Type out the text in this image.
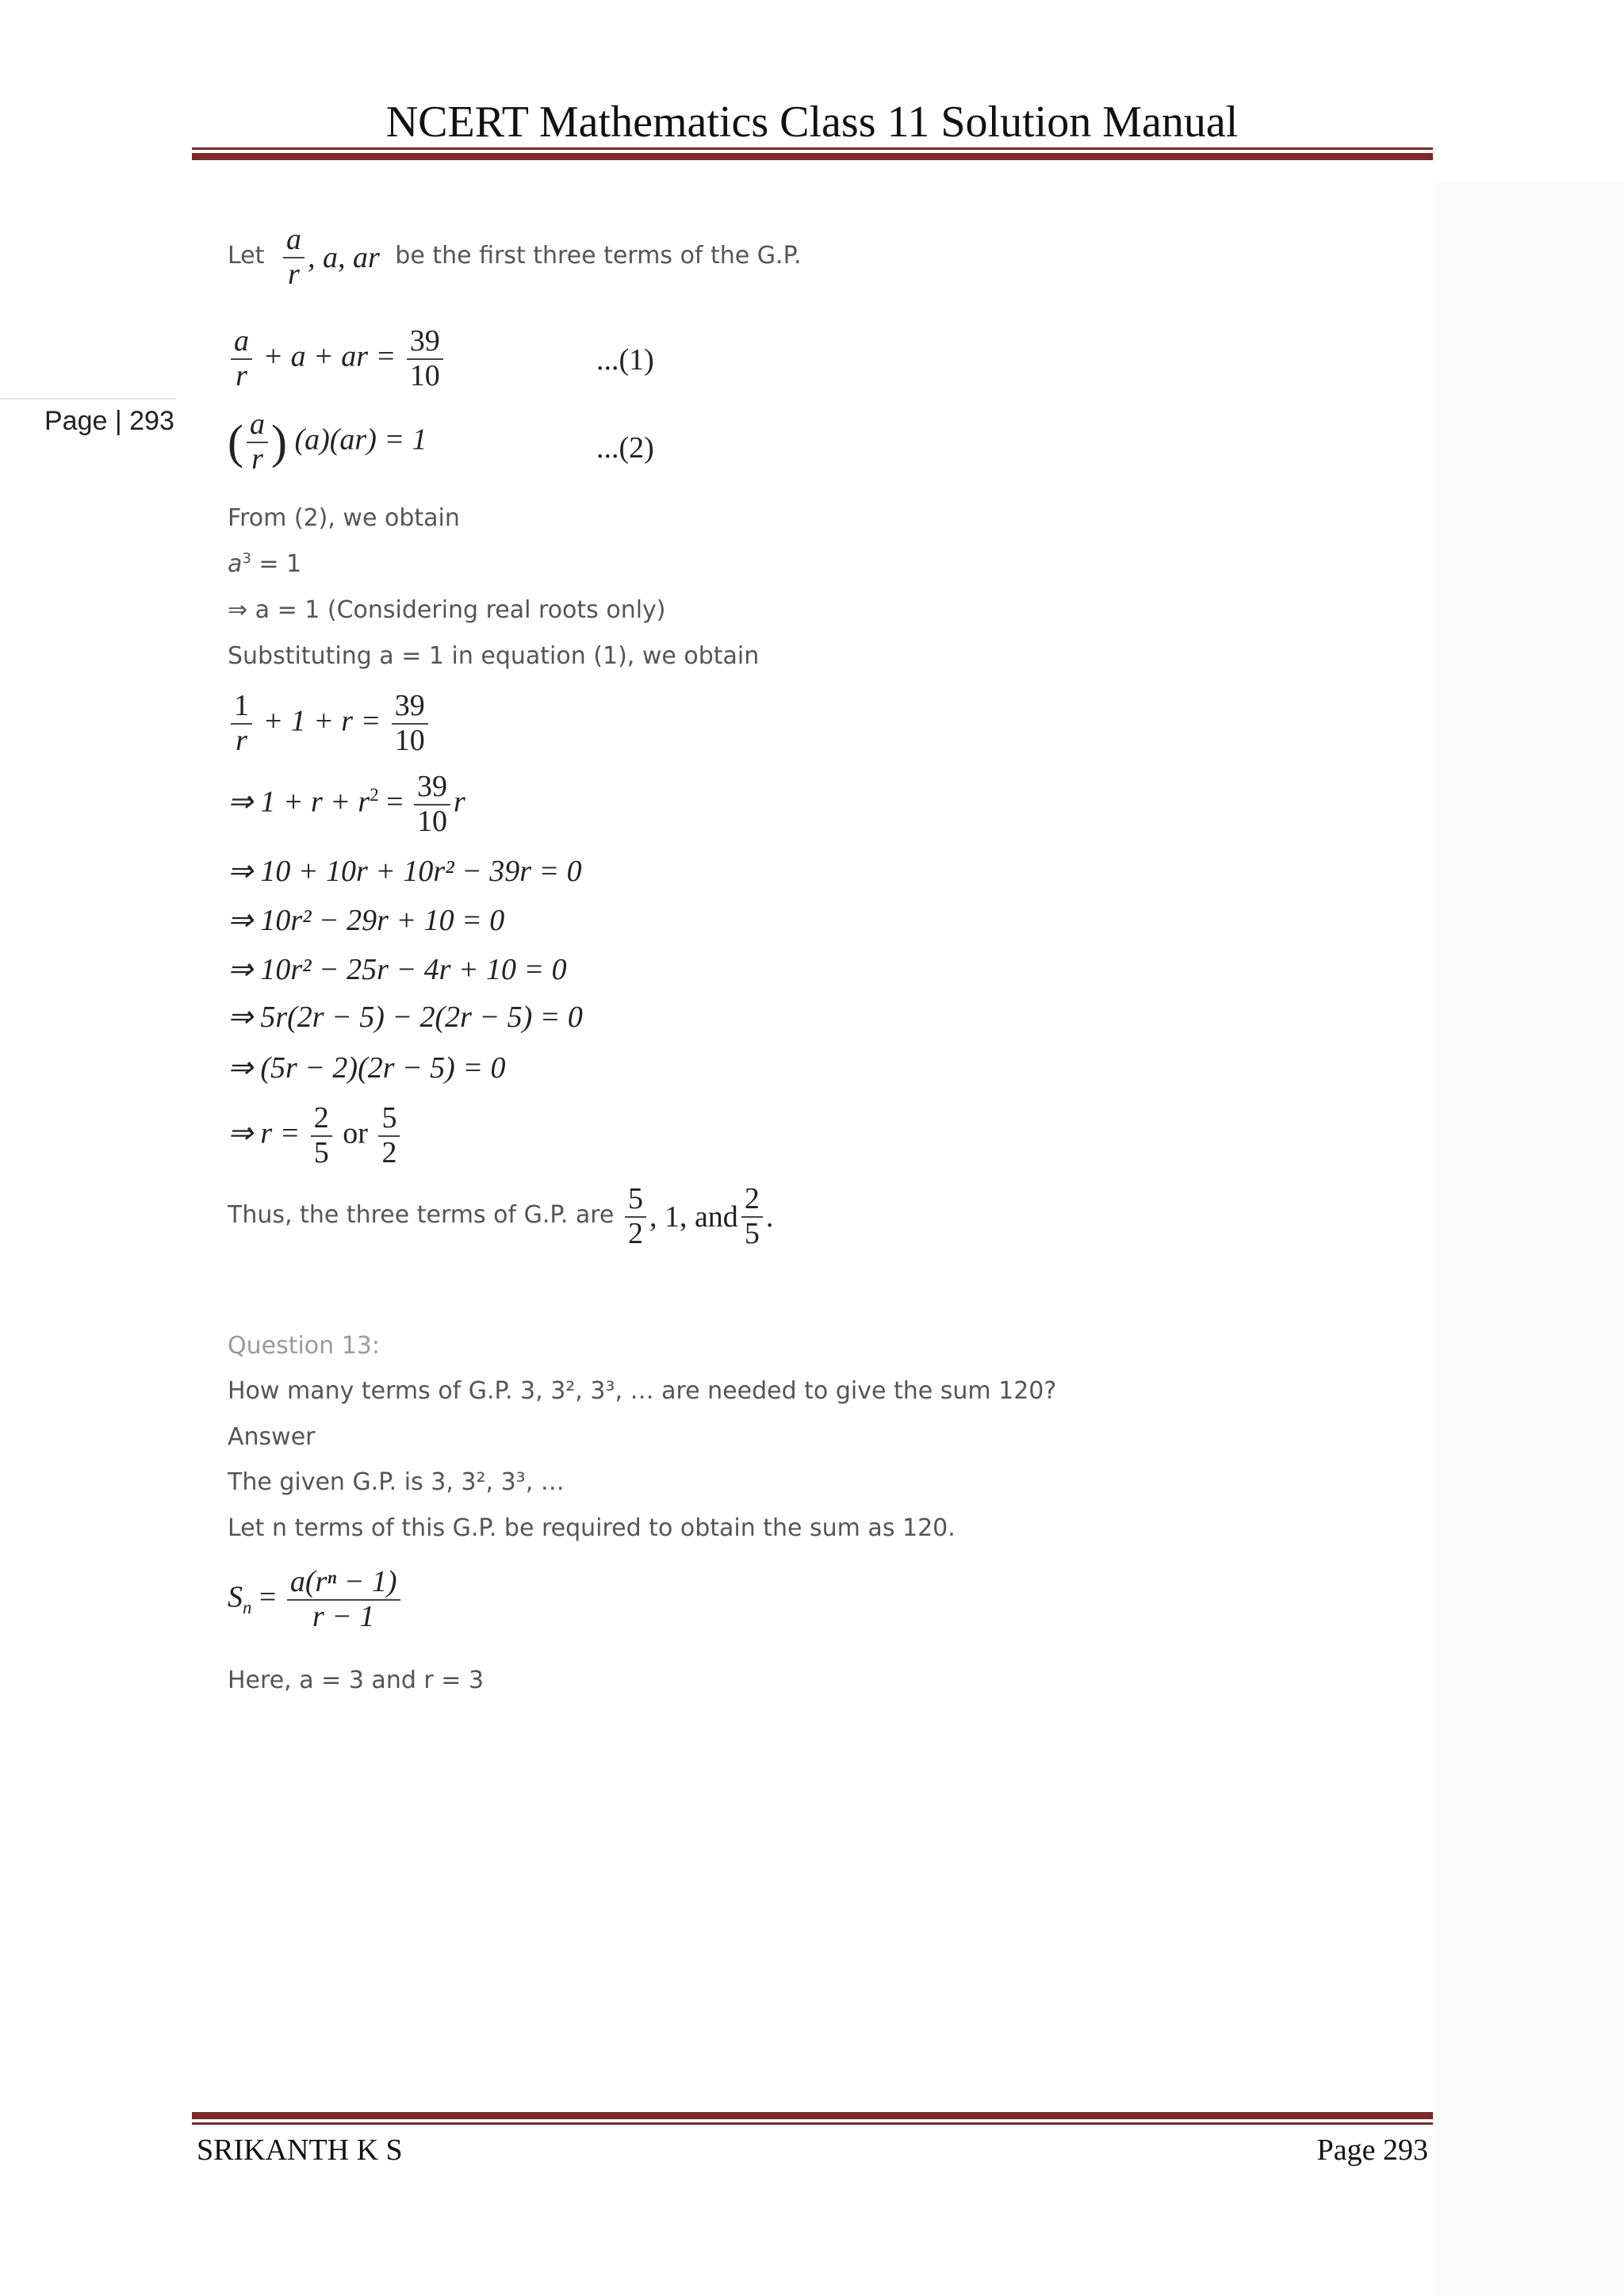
NCERT Mathematics Class 11 Solution Manual
Page | 293
Let $\frac{a}{r}$ , a, ar be the first three terms of the G.P.
$\frac{a}{r} + a$ + ar = $\frac{39}{10}$	...(1)
( $\frac{a}{r}$ ) (a)(ar) = 1	...(2)
From (2), we obtain
$a^3 = 1$
⇒ a = 1 (Considering real roots only)
Substituting a = 1 in equation (1), we obtain
$\frac{1}{r} + 1 + r = \frac{39}{10}$
⇒ $1 + r + r^2 = \frac{39}{10}$ r
⇒ 10 + 10r + 10r² − 39r = 0
⇒ 10r² − 29r + 10 = 0
⇒ 10r² − 25r − 4r + 10 = 0
⇒ 5r(2r − 5) − 2(2r − 5) = 0
⇒ (5r − 2)(2r − 5) = 0
⇒ $r = \frac{2}{5}$ or $\frac{5}{2}$
Thus, the three terms of G.P. are $\frac{5}{2}$ , 1, and $\frac{2}{5}$ .
Question 13:
How many terms of G.P. 3, 3², 3³, … are needed to give the sum 120?
Answer
The given G.P. is 3, 3², 3³, …
Let n terms of this G.P. be required to obtain the sum as 120.
$S_n = \frac{\text{a(rⁿ − 1)}}{r - 1}$
Here, a = 3 and r = 3
SRIKANTH K S	Page 293
